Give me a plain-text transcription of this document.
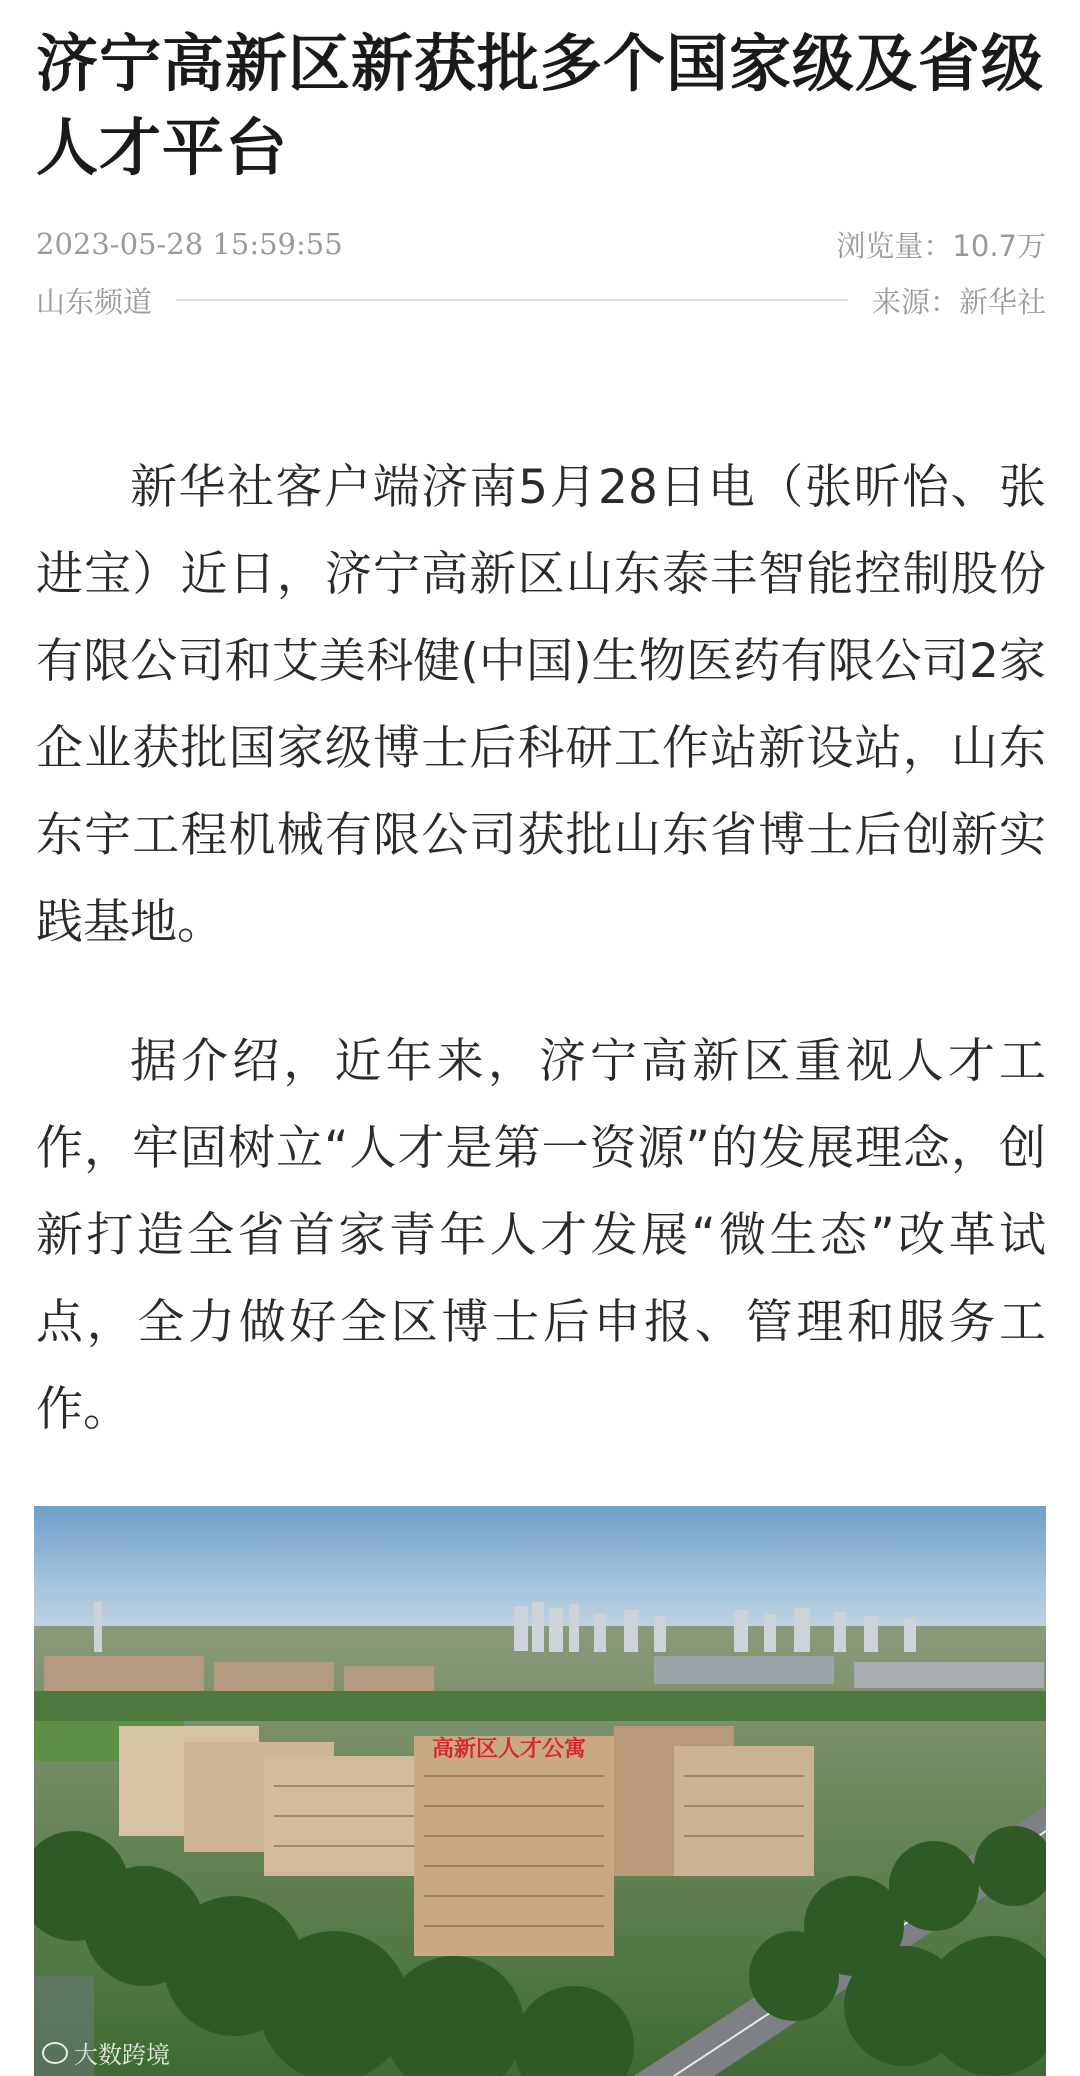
济宁高新区新获批多个国家级及省级人才平台
2023-05-28 15:59:55	浏览量：10.7万
山东频道	来源：新华社

新华社客户端济南5月28日电（张昕怡、张进宝）近日，济宁高新区山东泰丰智能控制股份有限公司和艾美科健(中国)生物医药有限公司2家企业获批国家级博士后科研工作站新设站，山东东宇工程机械有限公司获批山东省博士后创新实践基地。

据介绍，近年来，济宁高新区重视人才工作，牢固树立“人才是第一资源”的发展理念，创新打造全省首家青年人才发展“微生态”改革试点，全力做好全区博士后申报、管理和服务工作。

高新区人才公寓
大数跨境
